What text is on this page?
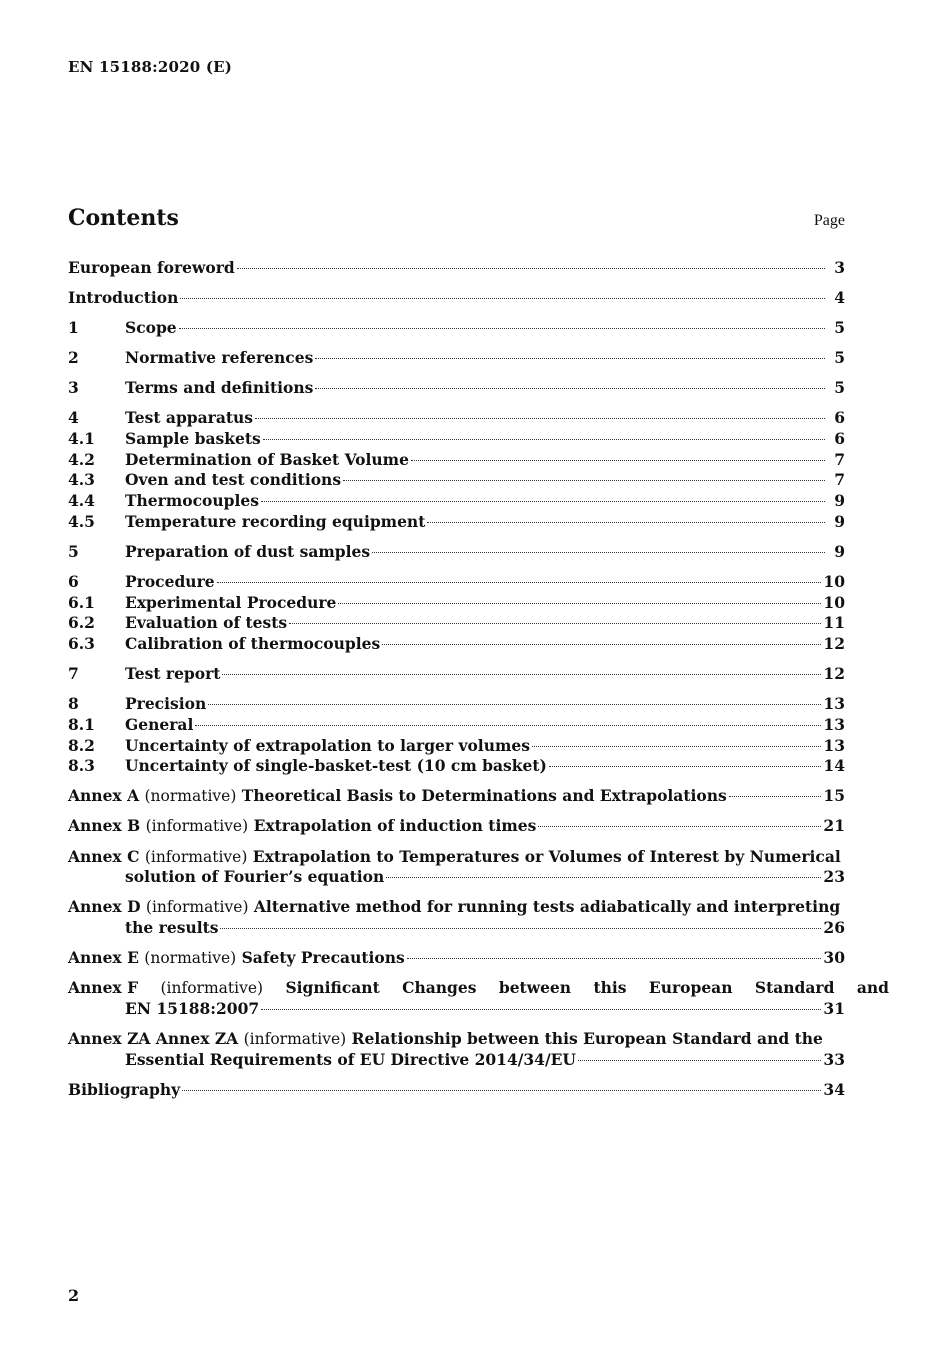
EN 15188:2020 (E)
Contents	Page
European foreword	3
Introduction	4
1	Scope	5
2	Normative references	5
3	Terms and definitions	5
4	Test apparatus	6
4.1	Sample baskets	6
4.2	Determination of Basket Volume	7
4.3	Oven and test conditions	7
4.4	Thermocouples	9
4.5	Temperature recording equipment	9
5	Preparation of dust samples	9
6	Procedure	10
6.1	Experimental Procedure	10
6.2	Evaluation of tests	11
6.3	Calibration of thermocouples	12
7	Test report	12
8	Precision	13
8.1	General	13
8.2	Uncertainty of extrapolation to larger volumes	13
8.3	Uncertainty of single-basket-test (10 cm basket)	14
Annex A (normative) Theoretical Basis to Determinations and Extrapolations	15
Annex B (informative) Extrapolation of induction times	21
Annex C (informative) Extrapolation to Temperatures or Volumes of Interest by Numerical
solution of Fourier’s equation	23
Annex D (informative) Alternative method for running tests adiabatically and interpreting
the results	26
Annex E (normative) Safety Precautions	30
Annex F (informative) Significant Changes between this European Standard and
EN 15188:2007	31
Annex ZA Annex ZA (informative) Relationship between this European Standard and the
Essential Requirements of EU Directive 2014/34/EU	33
Bibliography	34
2
